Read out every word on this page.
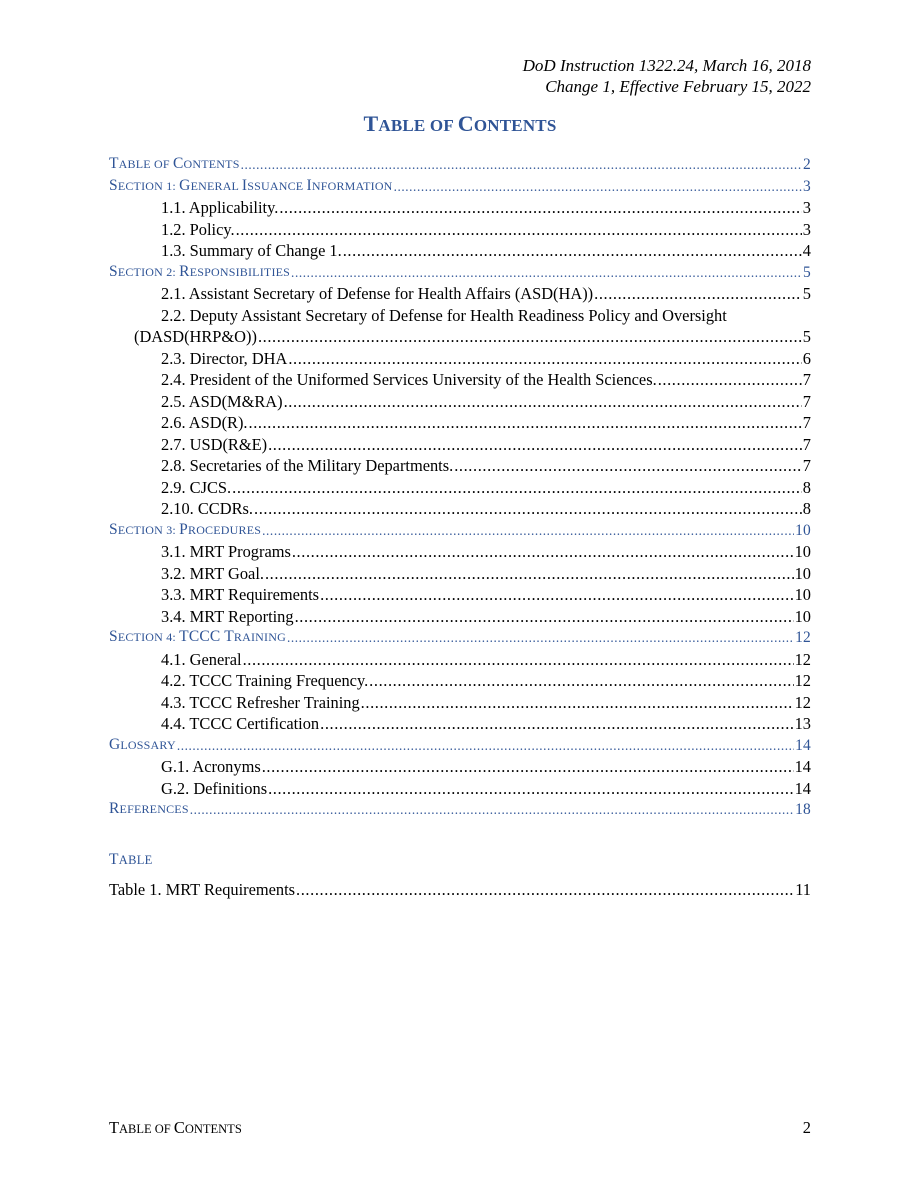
DoD Instruction 1322.24, March 16, 2018
Change 1, Effective February 15, 2022
TABLE OF CONTENTS
TABLE OF CONTENTS .....	2
SECTION 1: GENERAL ISSUANCE INFORMATION .....	3
1.1. Applicability. .....	3
1.2. Policy. .....	3
1.3. Summary of Change 1. .....	4
SECTION 2: RESPONSIBILITIES .....	5
2.1. Assistant Secretary of Defense for Health Affairs (ASD(HA)) .....	5
2.2. Deputy Assistant Secretary of Defense for Health Readiness Policy and Oversight
(DASD(HRP&O)) .....	5
2.3. Director, DHA .....	6
2.4. President of the Uniformed Services University of the Health Sciences. .....	7
2.5. ASD(M&RA) .....	7
2.6. ASD(R). .....	7
2.7. USD(R&E) .....	7
2.8. Secretaries of the Military Departments. .....	7
2.9. CJCS. .....	8
2.10. CCDRs. .....	8
SECTION 3: PROCEDURES .....	10
3.1. MRT Programs .....	10
3.2. MRT Goal. .....	10
3.3. MRT Requirements .....	10
3.4. MRT Reporting .....	10
SECTION 4: TCCC TRAINING .....	12
4.1. General .....	12
4.2. TCCC Training Frequency. .....	12
4.3. TCCC Refresher Training .....	12
4.4. TCCC Certification .....	13
GLOSSARY .....	14
G.1. Acronyms .....	14
G.2. Definitions .....	14
REFERENCES .....	18
TABLE
Table 1. MRT Requirements .....	11
TABLE OF CONTENTS	2
